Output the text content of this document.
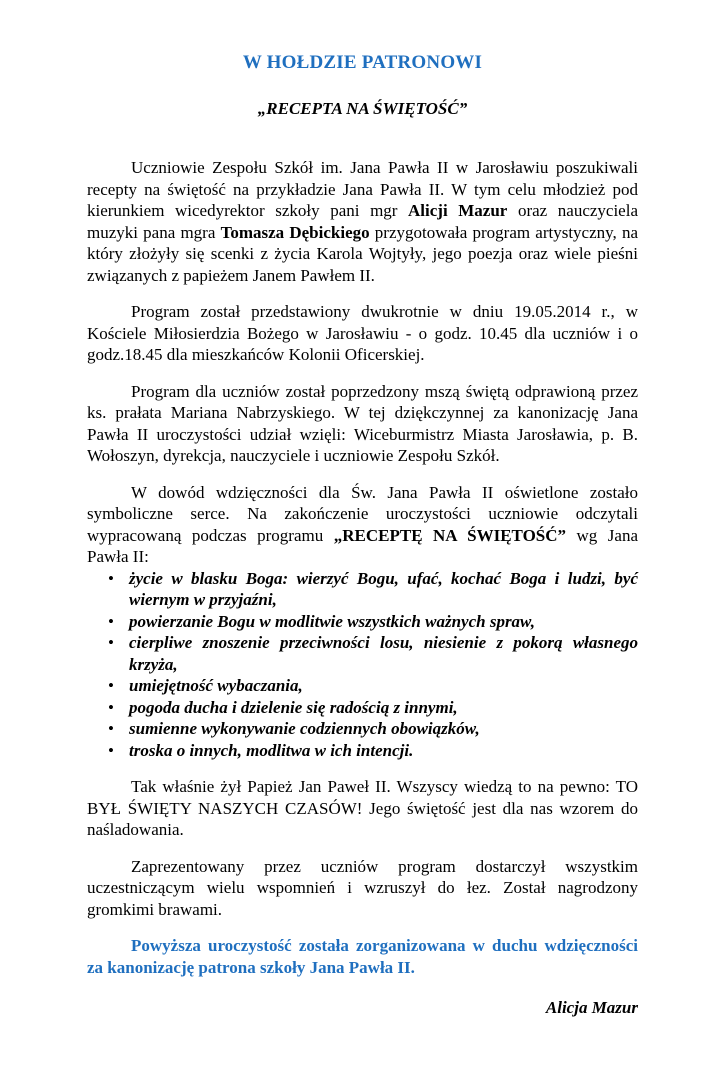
W HOŁDZIE PATRONOWI
„RECEPTA NA ŚWIĘTOŚĆ”

Uczniowie Zespołu Szkół im. Jana Pawła II w Jarosławiu poszukiwali recepty na świętość na przykładzie Jana Pawła II. W tym celu młodzież pod kierunkiem wicedyrektor szkoły pani mgr Alicji Mazur oraz nauczyciela muzyki pana mgra Tomasza Dębickiego przygotowała program artystyczny, na który złożyły się scenki z życia Karola Wojtyły, jego poezja oraz wiele pieśni związanych z papieżem Janem Pawłem II.

Program został przedstawiony dwukrotnie w dniu 19.05.2014 r., w Kościele Miłosierdzia Bożego w Jarosławiu - o godz. 10.45 dla uczniów i o godz.18.45 dla mieszkańców Kolonii Oficerskiej.

Program dla uczniów został poprzedzony mszą świętą odprawioną przez ks. prałata Mariana Nabrzyskiego. W tej dziękczynnej za kanonizację Jana Pawła II uroczystości udział wzięli: Wiceburmistrz Miasta Jarosławia, p. B. Wołoszyn, dyrekcja, nauczyciele i uczniowie Zespołu Szkół.

W dowód wdzięczności dla Św. Jana Pawła II oświetlone zostało symboliczne serce. Na zakończenie uroczystości uczniowie odczytali wypracowaną podczas programu „RECEPTĘ NA ŚWIĘTOŚĆ” wg Jana Pawła II:

• życie w blasku Boga: wierzyć Bogu, ufać, kochać Boga i ludzi, być wiernym w przyjaźni,
• powierzanie Bogu w modlitwie wszystkich ważnych spraw,
• cierpliwe znoszenie przeciwności losu, niesienie z pokorą własnego krzyża,
• umiejętność wybaczania,
• pogoda ducha i dzielenie się radością z innymi,
• sumienne wykonywanie codziennych obowiązków,
• troska o innych, modlitwa w ich intencji.

Tak właśnie żył Papież Jan Paweł II. Wszyscy wiedzą to na pewno: TO BYŁ ŚWIĘTY NASZYCH CZASÓW! Jego świętość jest dla nas wzorem do naśladowania.

Zaprezentowany przez uczniów program dostarczył wszystkim uczestniczącym wielu wspomnień i wzruszył do łez. Został nagrodzony gromkimi brawami.

Powyższa uroczystość została zorganizowana w duchu wdzięczności za kanonizację patrona szkoły Jana Pawła II.

Alicja Mazur
